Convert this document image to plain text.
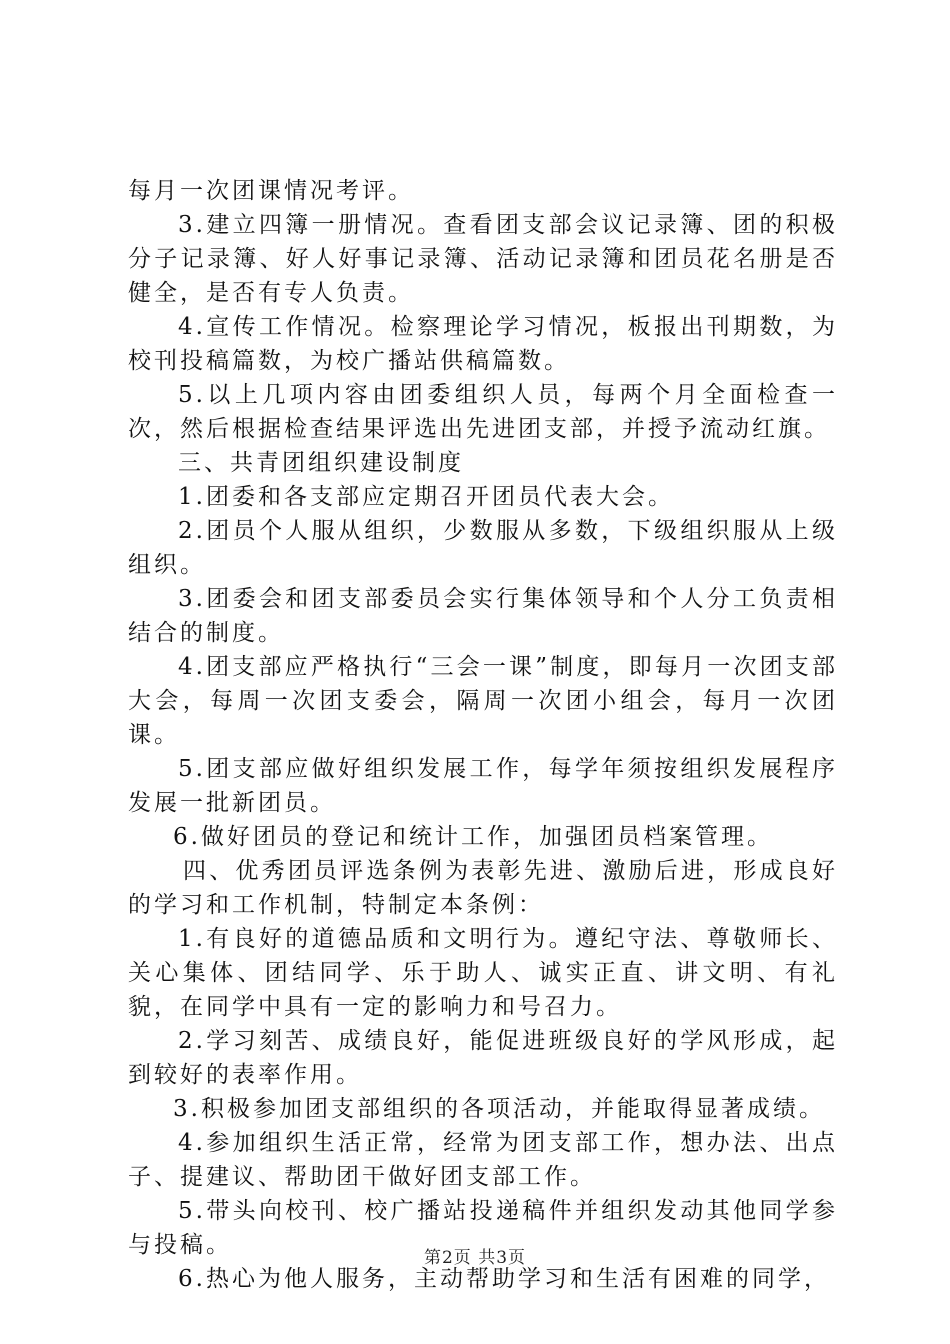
每月一次团课情况考评。

3.建立四簿一册情况。查看团支部会议记录簿、团的积极分子记录簿、好人好事记录簿、活动记录簿和团员花名册是否健全，是否有专人负责。

4.宣传工作情况。检察理论学习情况，板报出刊期数，为校刊投稿篇数，为校广播站供稿篇数。

5.以上几项内容由团委组织人员，每两个月全面检查一次，然后根据检查结果评选出先进团支部，并授予流动红旗。

三、共青团组织建设制度

1.团委和各支部应定期召开团员代表大会。

2.团员个人服从组织，少数服从多数，下级组织服从上级组织。

3.团委会和团支部委员会实行集体领导和个人分工负责相结合的制度。

4.团支部应严格执行“三会一课”制度，即每月一次团支部大会，每周一次团支委会，隔周一次团小组会，每月一次团课。

5.团支部应做好组织发展工作，每学年须按组织发展程序发展一批新团员。

6.做好团员的登记和统计工作，加强团员档案管理。

四、优秀团员评选条例为表彰先进、激励后进，形成良好的学习和工作机制，特制定本条例：

1.有良好的道德品质和文明行为。遵纪守法、尊敬师长、关心集体、团结同学、乐于助人、诚实正直、讲文明、有礼貌，在同学中具有一定的影响力和号召力。

2.学习刻苦、成绩良好，能促进班级良好的学风形成，起到较好的表率作用。

3.积极参加团支部组织的各项活动，并能取得显著成绩。

4.参加组织生活正常，经常为团支部工作，想办法、出点子、提建议、帮助团干做好团支部工作。

5.带头向校刊、校广播站投递稿件并组织发动其他同学参与投稿。

6.热心为他人服务，主动帮助学习和生活有困难的同学，

第2页 共3页
